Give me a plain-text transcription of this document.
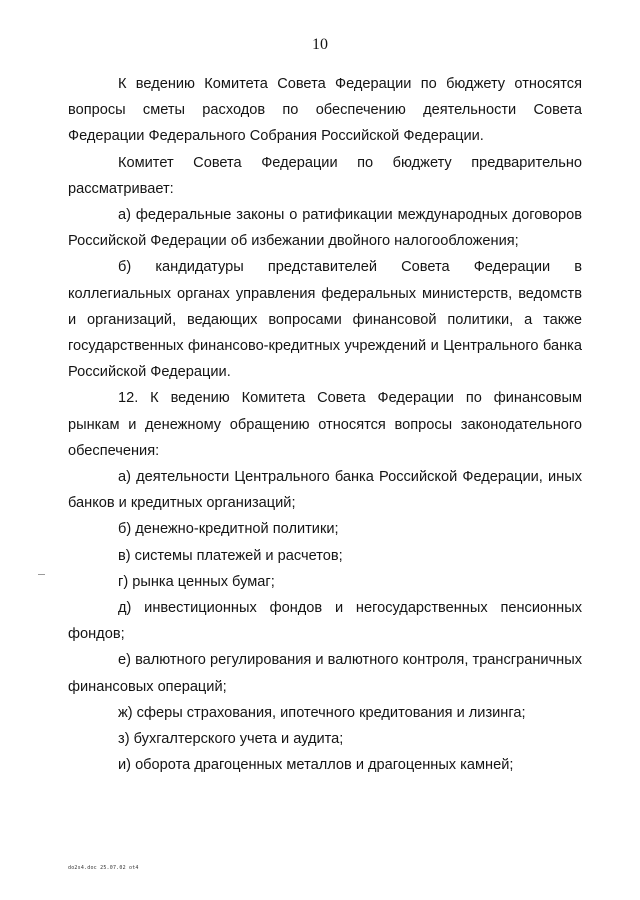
10

К ведению Комитета Совета Федерации по бюджету относятся вопросы сметы расходов по обеспечению деятельности Совета Федерации Федерального Собрания Российской Федерации.

Комитет Совета Федерации по бюджету предварительно рассматривает:

а) федеральные законы о ратификации международных договоров Российской Федерации об избежании двойного налогообложения;

б) кандидатуры представителей Совета Федерации в коллегиальных органах управления федеральных министерств, ведомств и организаций, ведающих вопросами финансовой политики, а также государственных финансово-кредитных учреждений и Центрального банка Российской Федерации.

12. К ведению Комитета Совета Федерации по финансовым рынкам и денежному обращению относятся вопросы законодательного обеспечения:

а) деятельности Центрального банка Российской Федерации, иных банков и кредитных организаций;

б) денежно-кредитной политики;

в) системы платежей и расчетов;

г) рынка ценных бумаг;

д) инвестиционных фондов и негосударственных пенсионных фондов;

е) валютного регулирования и валютного контроля, трансграничных финансовых операций;

ж) сферы страхования, ипотечного кредитования и лизинга;

з) бухгалтерского учета и аудита;

и) оборота драгоценных металлов и драгоценных камней;

do2s4.doc 25.07.02 ot4
